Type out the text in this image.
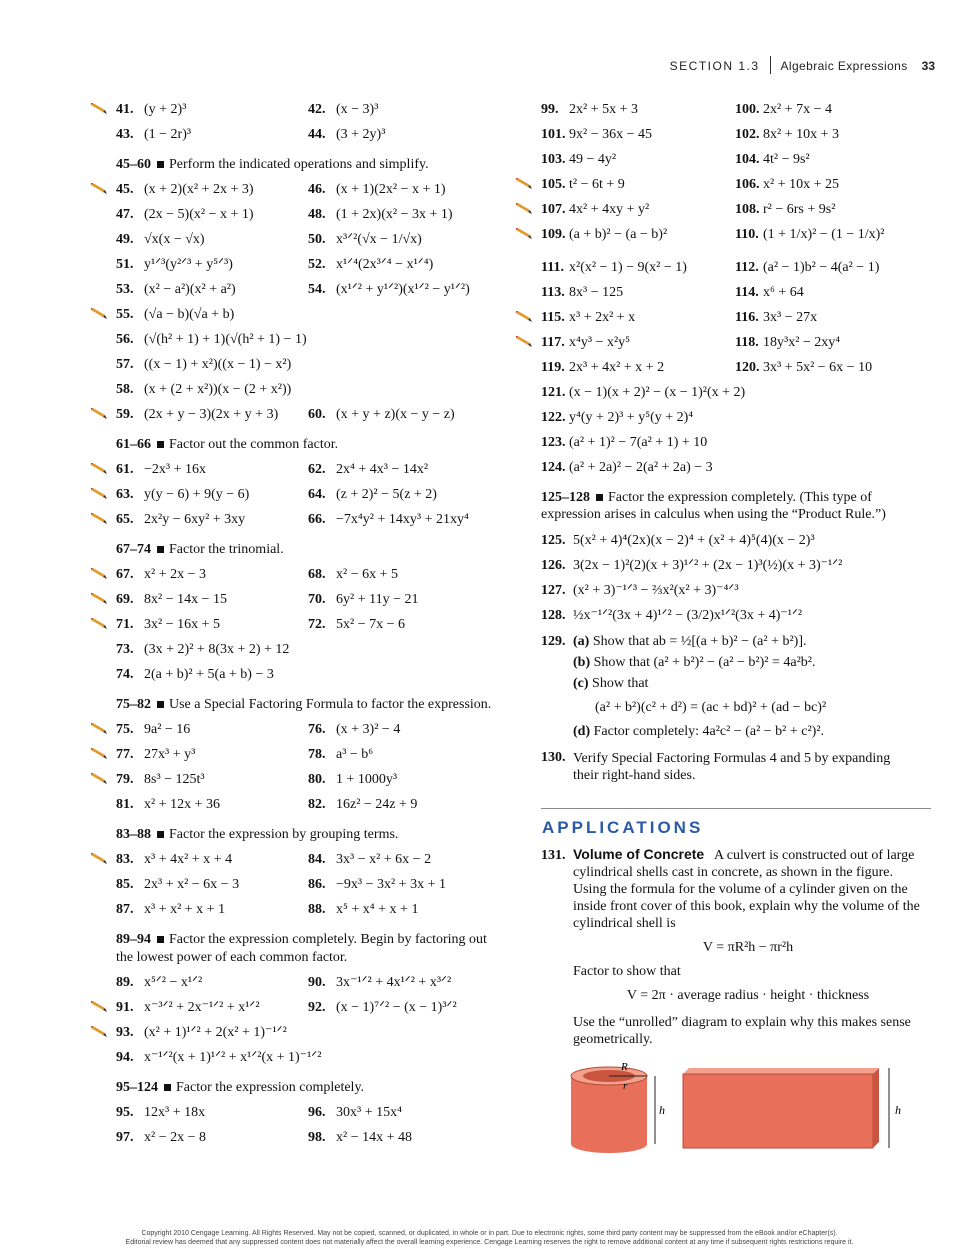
SECTION 1.3 Algebraic Expressions 33
41. (y + 2)³	42. (x − 3)³
43. (1 − 2r)³	44. (3 + 2y)³
45–60 Perform the indicated operations and simplify.
45. (x + 2)(x² + 2x + 3)	46. (x + 1)(2x² − x + 1)
47. (2x − 5)(x² − x + 1)	48. (1 + 2x)(x² − 3x + 1)
49. √x(x − √x)	50. x³ᐟ²(√x − 1/√x)
51. y¹ᐟ³(y²ᐟ³ + y⁵ᐟ³)	52. x¹ᐟ⁴(2x³ᐟ⁴ − x¹ᐟ⁴)
53. (x² − a²)(x² + a²)	54. (x¹ᐟ² + y¹ᐟ²)(x¹ᐟ² − y¹ᐟ²)
55. (√a − b)(√a + b)
56. (√(h² + 1) + 1)(√(h² + 1) − 1)
57. ((x − 1) + x²)((x − 1) − x²)
58. (x + (2 + x²))(x − (2 + x²))
59. (2x + y − 3)(2x + y + 3) 60. (x + y + z)(x − y − z)
61–66 Factor out the common factor.
61. −2x³ + 16x	62. 2x⁴ + 4x³ − 14x²
63. y(y − 6) + 9(y − 6)	64. (z + 2)² − 5(z + 2)
65. 2x²y − 6xy² + 3xy	66. −7x⁴y² + 14xy³ + 21xy⁴
67–74 Factor the trinomial.
67. x² + 2x − 3	68. x² − 6x + 5
69. 8x² − 14x − 15	70. 6y² + 11y − 21
71. 3x² − 16x + 5	72. 5x² − 7x − 6
73. (3x + 2)² + 8(3x + 2) + 12
74. 2(a + b)² + 5(a + b) − 3
75–82 Use a Special Factoring Formula to factor the expression.
75. 9a² − 16	76. (x + 3)² − 4
77. 27x³ + y³	78. a³ − b⁶
79. 8s³ − 125t³	80. 1 + 1000y³
81. x² + 12x + 36	82. 16z² − 24z + 9
83–88 Factor the expression by grouping terms.
83. x³ + 4x² + x + 4	84. 3x³ − x² + 6x − 2
85. 2x³ + x² − 6x − 3	86. −9x³ − 3x² + 3x + 1
87. x³ + x² + x + 1	88. x⁵ + x⁴ + x + 1
89–94 Factor the expression completely. Begin by factoring out the lowest power of each common factor.
89. x⁵ᐟ² − x¹ᐟ²	90. 3x⁻¹ᐟ² + 4x¹ᐟ² + x³ᐟ²
91. x⁻³ᐟ² + 2x⁻¹ᐟ² + x¹ᐟ²	92. (x − 1)⁷ᐟ² − (x − 1)³ᐟ²
93. (x² + 1)¹ᐟ² + 2(x² + 1)⁻¹ᐟ²
94. x⁻¹ᐟ²(x + 1)¹ᐟ² + x¹ᐟ²(x + 1)⁻¹ᐟ²
95–124 Factor the expression completely.
95. 12x³ + 18x	96. 30x³ + 15x⁴
97. x² − 2x − 8	98. x² − 14x + 48
99. 2x² + 5x + 3	100. 2x² + 7x − 4
101. 9x² − 36x − 45	102. 8x² + 10x + 3
103. 49 − 4y²	104. 4t² − 9s²
105. t² − 6t + 9	106. x² + 10x + 25
107. 4x² + 4xy + y²	108. r² − 6rs + 9s²
109. (a + b)² − (a − b)²	110. (1 + 1/x)² − (1 − 1/x)²
111. x²(x² − 1) − 9(x² − 1)	112. (a² − 1)b² − 4(a² − 1)
113. 8x³ − 125	114. x⁶ + 64
115. x³ + 2x² + x	116. 3x³ − 27x
117. x⁴y³ − x²y⁵	118. 18y³x² − 2xy⁴
119. 2x³ + 4x² + x + 2	120. 3x³ + 5x² − 6x − 10
121. (x − 1)(x + 2)² − (x − 1)²(x + 2)
122. y⁴(y + 2)³ + y⁵(y + 2)⁴
123. (a² + 1)² − 7(a² + 1) + 10
124. (a² + 2a)² − 2(a² + 2a) − 3
125–128 Factor the expression completely. (This type of expression arises in calculus when using the “Product Rule.”)
125. 5(x² + 4)⁴(2x)(x − 2)⁴ + (x² + 4)⁵(4)(x − 2)³
126. 3(2x − 1)²(2)(x + 3)¹ᐟ² + (2x − 1)³(½)(x + 3)⁻¹ᐟ²
127. (x² + 3)⁻¹ᐟ³ − ⅔x²(x² + 3)⁻⁴ᐟ³
128. ½x⁻¹ᐟ²(3x + 4)¹ᐟ² − (3/2)x¹ᐟ²(3x + 4)⁻¹ᐟ²
129. (a) Show that ab = ½[(a + b)² − (a² + b²)].
(b) Show that (a² + b²)² − (a² − b²)² = 4a²b².
(c) Show that
(a² + b²)(c² + d²) = (ac + bd)² + (ad − bc)²
(d) Factor completely: 4a²c² − (a² − b² + c²)².
130. Verify Special Factoring Formulas 4 and 5 by expanding their right-hand sides.
APPLICATIONS
131. Volume of Concrete A culvert is constructed out of large cylindrical shells cast in concrete, as shown in the figure. Using the formula for the volume of a cylinder given on the inside front cover of this book, explain why the volume of the cylindrical shell is
V = πR²h − πr²h
Factor to show that
V = 2π · average radius · height · thickness
Use the “unrolled” diagram to explain why this makes sense geometrically.
R
r
h	h
Copyright 2010 Cengage Learning. All Rights Reserved. May not be copied, scanned, or duplicated, in whole or in part. Due to electronic rights, some third party content may be suppressed from the eBook and/or eChapter(s).
Editorial review has deemed that any suppressed content does not materially affect the overall learning experience. Cengage Learning reserves the right to remove additional content at any time if subsequent rights restrictions require it.
